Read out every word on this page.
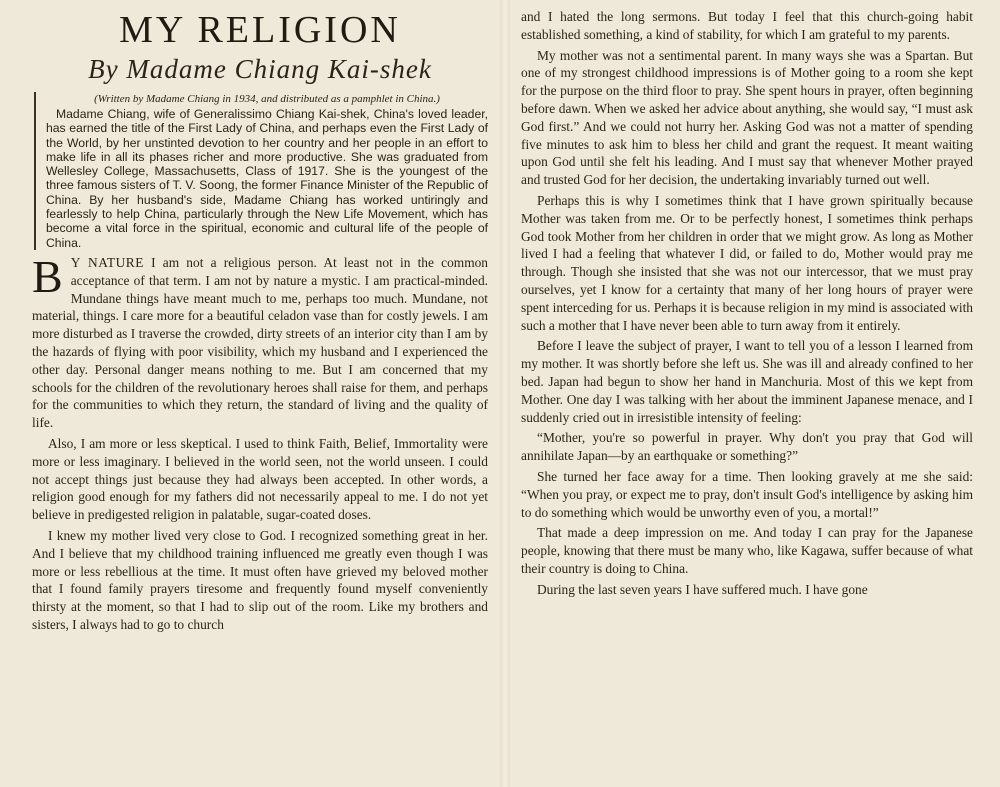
MY RELIGION
By Madame Chiang Kai-shek

(Written by Madame Chiang in 1934, and distributed as a pamphlet in China.)

Madame Chiang, wife of Generalissimo Chiang Kai-shek, China's loved leader, has earned the title of the First Lady of China, and perhaps even the First Lady of the World, by her unstinted devotion to her country and her people in an effort to make life in all its phases richer and more productive. She was graduated from Wellesley College, Massachusetts, Class of 1917. She is the youngest of the three famous sisters of T. V. Soong, the former Finance Minister of the Republic of China. By her husband's side, Madame Chiang has worked untiringly and fearlessly to help China, particularly through the New Life Movement, which has become a vital force in the spiritual, economic and cultural life of the people of China.

B Y NATURE I am not a religious person. At least not in the common acceptance of that term. I am not by nature a mystic. I am practical-minded. Mundane things have meant much to me, perhaps too much. Mundane, not material, things. I care more for a beautiful celadon vase than for costly jewels. I am more disturbed as I traverse the crowded, dirty streets of an interior city than I am by the hazards of flying with poor visibility, which my husband and I experienced the other day. Personal danger means nothing to me. But I am concerned that my schools for the children of the revolutionary heroes shall raise for them, and perhaps for the communities to which they return, the standard of living and the quality of life.

Also, I am more or less skeptical. I used to think Faith, Belief, Immortality were more or less imaginary. I believed in the world seen, not the world unseen. I could not accept things just because they had always been accepted. In other words, a religion good enough for my fathers did not necessarily appeal to me. I do not yet believe in predigested religion in palatable, sugar-coated doses.

I knew my mother lived very close to God. I recognized something great in her. And I believe that my childhood training influenced me greatly even though I was more or less rebellious at the time. It must often have grieved my beloved mother that I found family prayers tiresome and frequently found myself conveniently thirsty at the moment, so that I had to slip out of the room. Like my brothers and sisters, I always had to go to church

and I hated the long sermons. But today I feel that this church-going habit established something, a kind of stability, for which I am grateful to my parents.

My mother was not a sentimental parent. In many ways she was a Spartan. But one of my strongest childhood impressions is of Mother going to a room she kept for the purpose on the third floor to pray. She spent hours in prayer, often beginning before dawn. When we asked her advice about anything, she would say, “I must ask God first.” And we could not hurry her. Asking God was not a matter of spending five minutes to ask him to bless her child and grant the request. It meant waiting upon God until she felt his leading. And I must say that whenever Mother prayed and trusted God for her decision, the undertaking invariably turned out well.

Perhaps this is why I sometimes think that I have grown spiritually because Mother was taken from me. Or to be perfectly honest, I sometimes think perhaps God took Mother from her children in order that we might grow. As long as Mother lived I had a feeling that whatever I did, or failed to do, Mother would pray me through. Though she insisted that she was not our intercessor, that we must pray ourselves, yet I know for a certainty that many of her long hours of prayer were spent interceding for us. Perhaps it is because religion in my mind is associated with such a mother that I have never been able to turn away from it entirely.

Before I leave the subject of prayer, I want to tell you of a lesson I learned from my mother. It was shortly before she left us. She was ill and already confined to her bed. Japan had begun to show her hand in Manchuria. Most of this we kept from Mother. One day I was talking with her about the imminent Japanese menace, and I suddenly cried out in irresistible intensity of feeling:

“Mother, you're so powerful in prayer. Why don't you pray that God will annihilate Japan—by an earthquake or something?”

She turned her face away for a time. Then looking gravely at me she said: “When you pray, or expect me to pray, don't insult God's intelligence by asking him to do something which would be unworthy even of you, a mortal!”

That made a deep impression on me. And today I can pray for the Japanese people, knowing that there must be many who, like Kagawa, suffer because of what their country is doing to China.

During the last seven years I have suffered much. I have gone
